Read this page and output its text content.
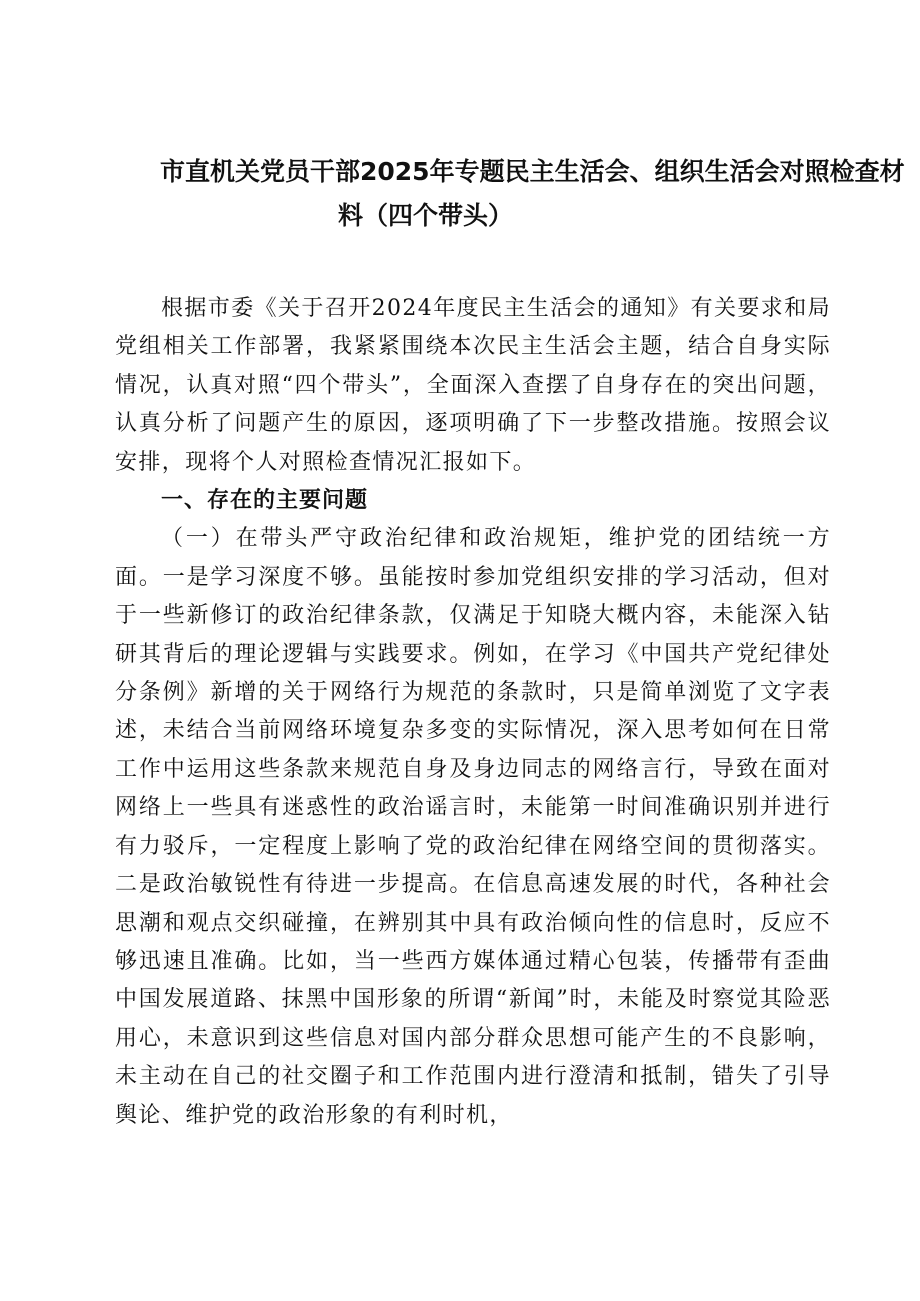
市直机关党员干部2025年专题民主生活会、组织生活会对照检查材
料（四个带头）

根据市委《关于召开2024年度民主生活会的通知》有关要求和局党组相关工作部署，我紧紧围绕本次民主生活会主题，结合自身实际情况，认真对照“四个带头”，全面深入查摆了自身存在的突出问题，认真分析了问题产生的原因，逐项明确了下一步整改措施。按照会议安排，现将个人对照检查情况汇报如下。

一、存在的主要问题

（一）在带头严守政治纪律和政治规矩，维护党的团结统一方面。一是学习深度不够。虽能按时参加党组织安排的学习活动，但对于一些新修订的政治纪律条款，仅满足于知晓大概内容，未能深入钻研其背后的理论逻辑与实践要求。例如，在学习《中国共产党纪律处分条例》新增的关于网络行为规范的条款时，只是简单浏览了文字表述，未结合当前网络环境复杂多变的实际情况，深入思考如何在日常工作中运用这些条款来规范自身及身边同志的网络言行，导致在面对网络上一些具有迷惑性的政治谣言时，未能第一时间准确识别并进行有力驳斥，一定程度上影响了党的政治纪律在网络空间的贯彻落实。二是政治敏锐性有待进一步提高。在信息高速发展的时代，各种社会思潮和观点交织碰撞，在辨别其中具有政治倾向性的信息时，反应不够迅速且准确。比如，当一些西方媒体通过精心包装，传播带有歪曲中国发展道路、抹黑中国形象的所谓“新闻”时，未能及时察觉其险恶用心，未意识到这些信息对国内部分群众思想可能产生的不良影响，未主动在自己的社交圈子和工作范围内进行澄清和抵制，错失了引导舆论、维护党的政治形象的有利时机，
